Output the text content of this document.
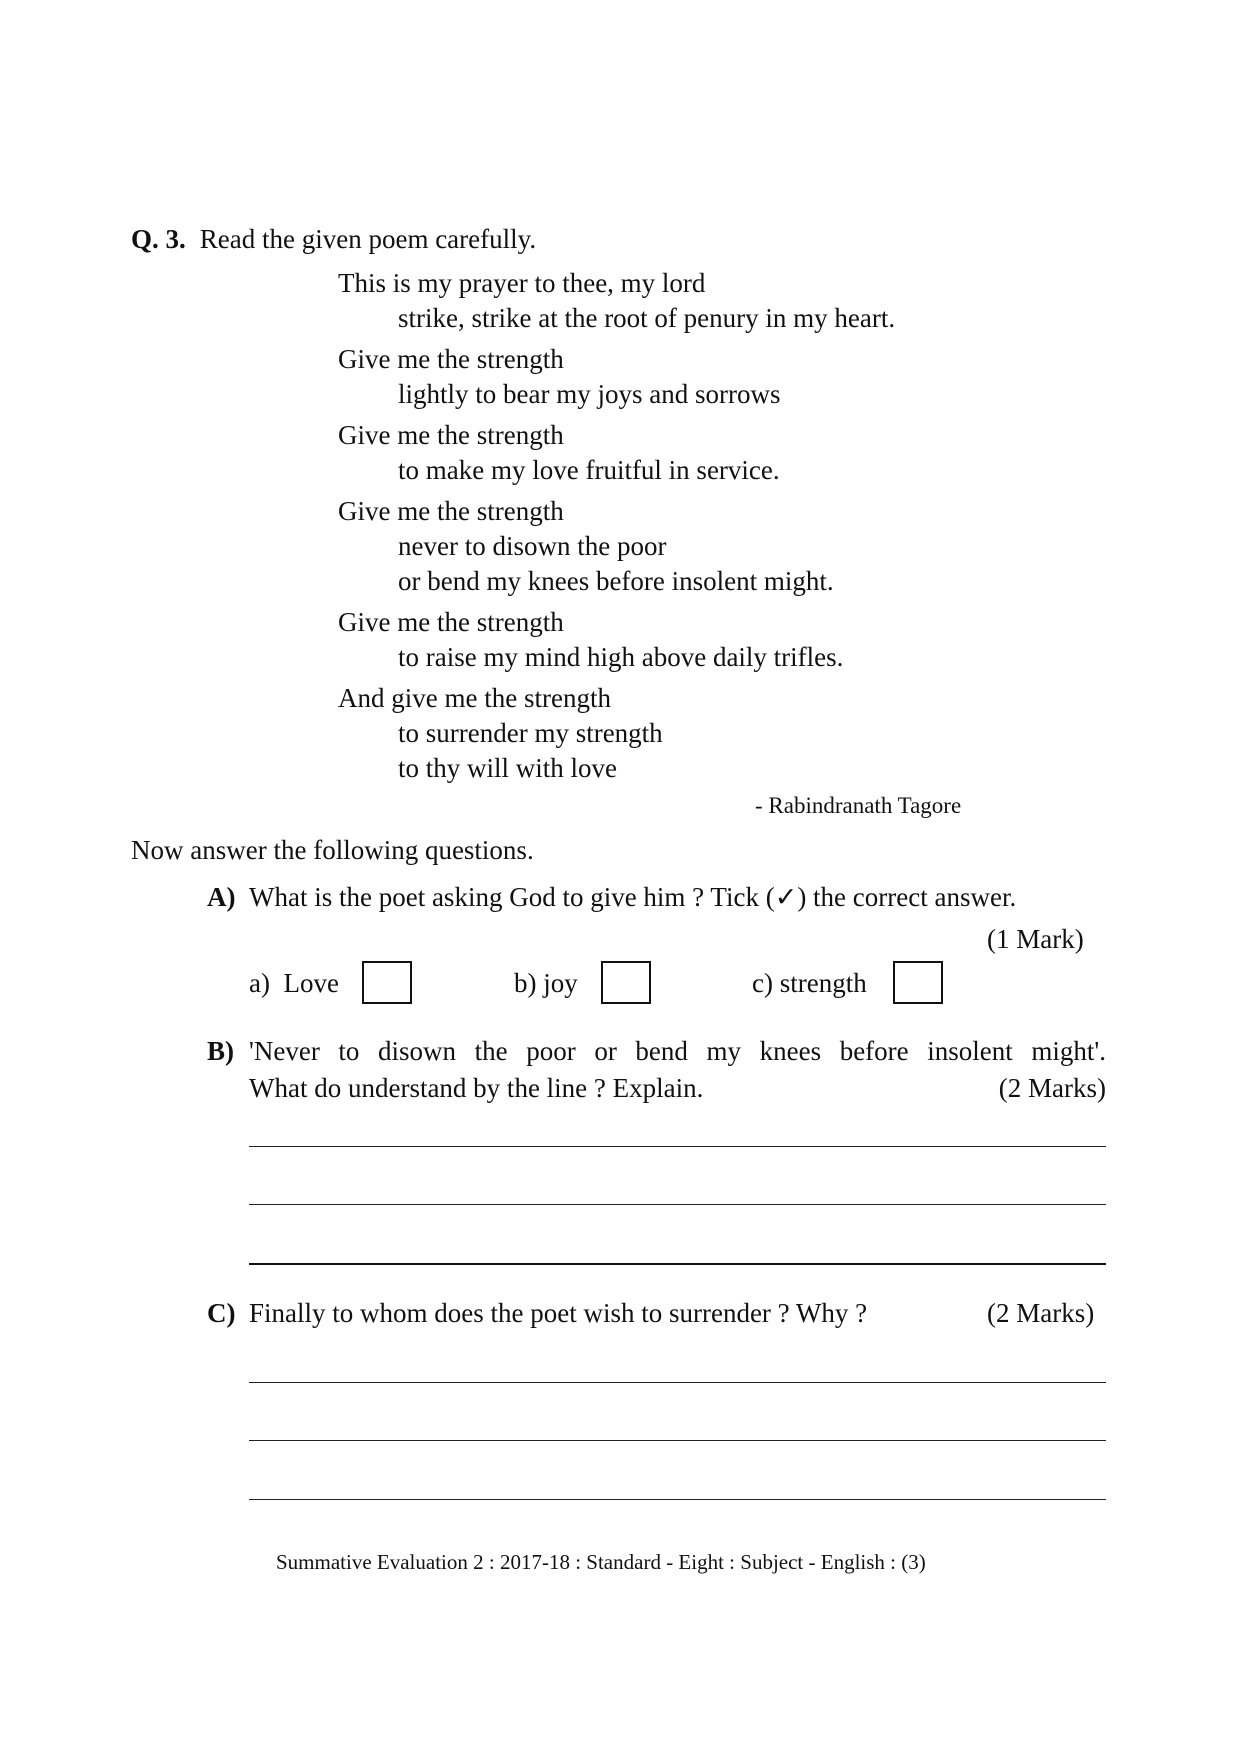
Q. 3. Read the given poem carefully.
This is my prayer to thee, my lord
strike, strike at the root of penury in my heart.
Give me the strength
lightly to bear my joys and sorrows
Give me the strength
to make my love fruitful in service.
Give me the strength
never to disown the poor
or bend my knees before insolent might.
Give me the strength
to raise my mind high above daily trifles.
And give me the strength
to surrender my strength
to thy will with love
- Rabindranath Tagore
Now answer the following questions.
A) What is the poet asking God to give him ? Tick (✓) the correct answer.
(1 Mark)
a) Love	b) joy	c) strength
B) 'Never to disown the poor or bend my knees before insolent might'.
What do understand by the line ? Explain.	(2 Marks)
C) Finally to whom does the poet wish to surrender ? Why ?	(2 Marks)
Summative Evaluation 2 : 2017-18 : Standard - Eight : Subject - English : (3)
